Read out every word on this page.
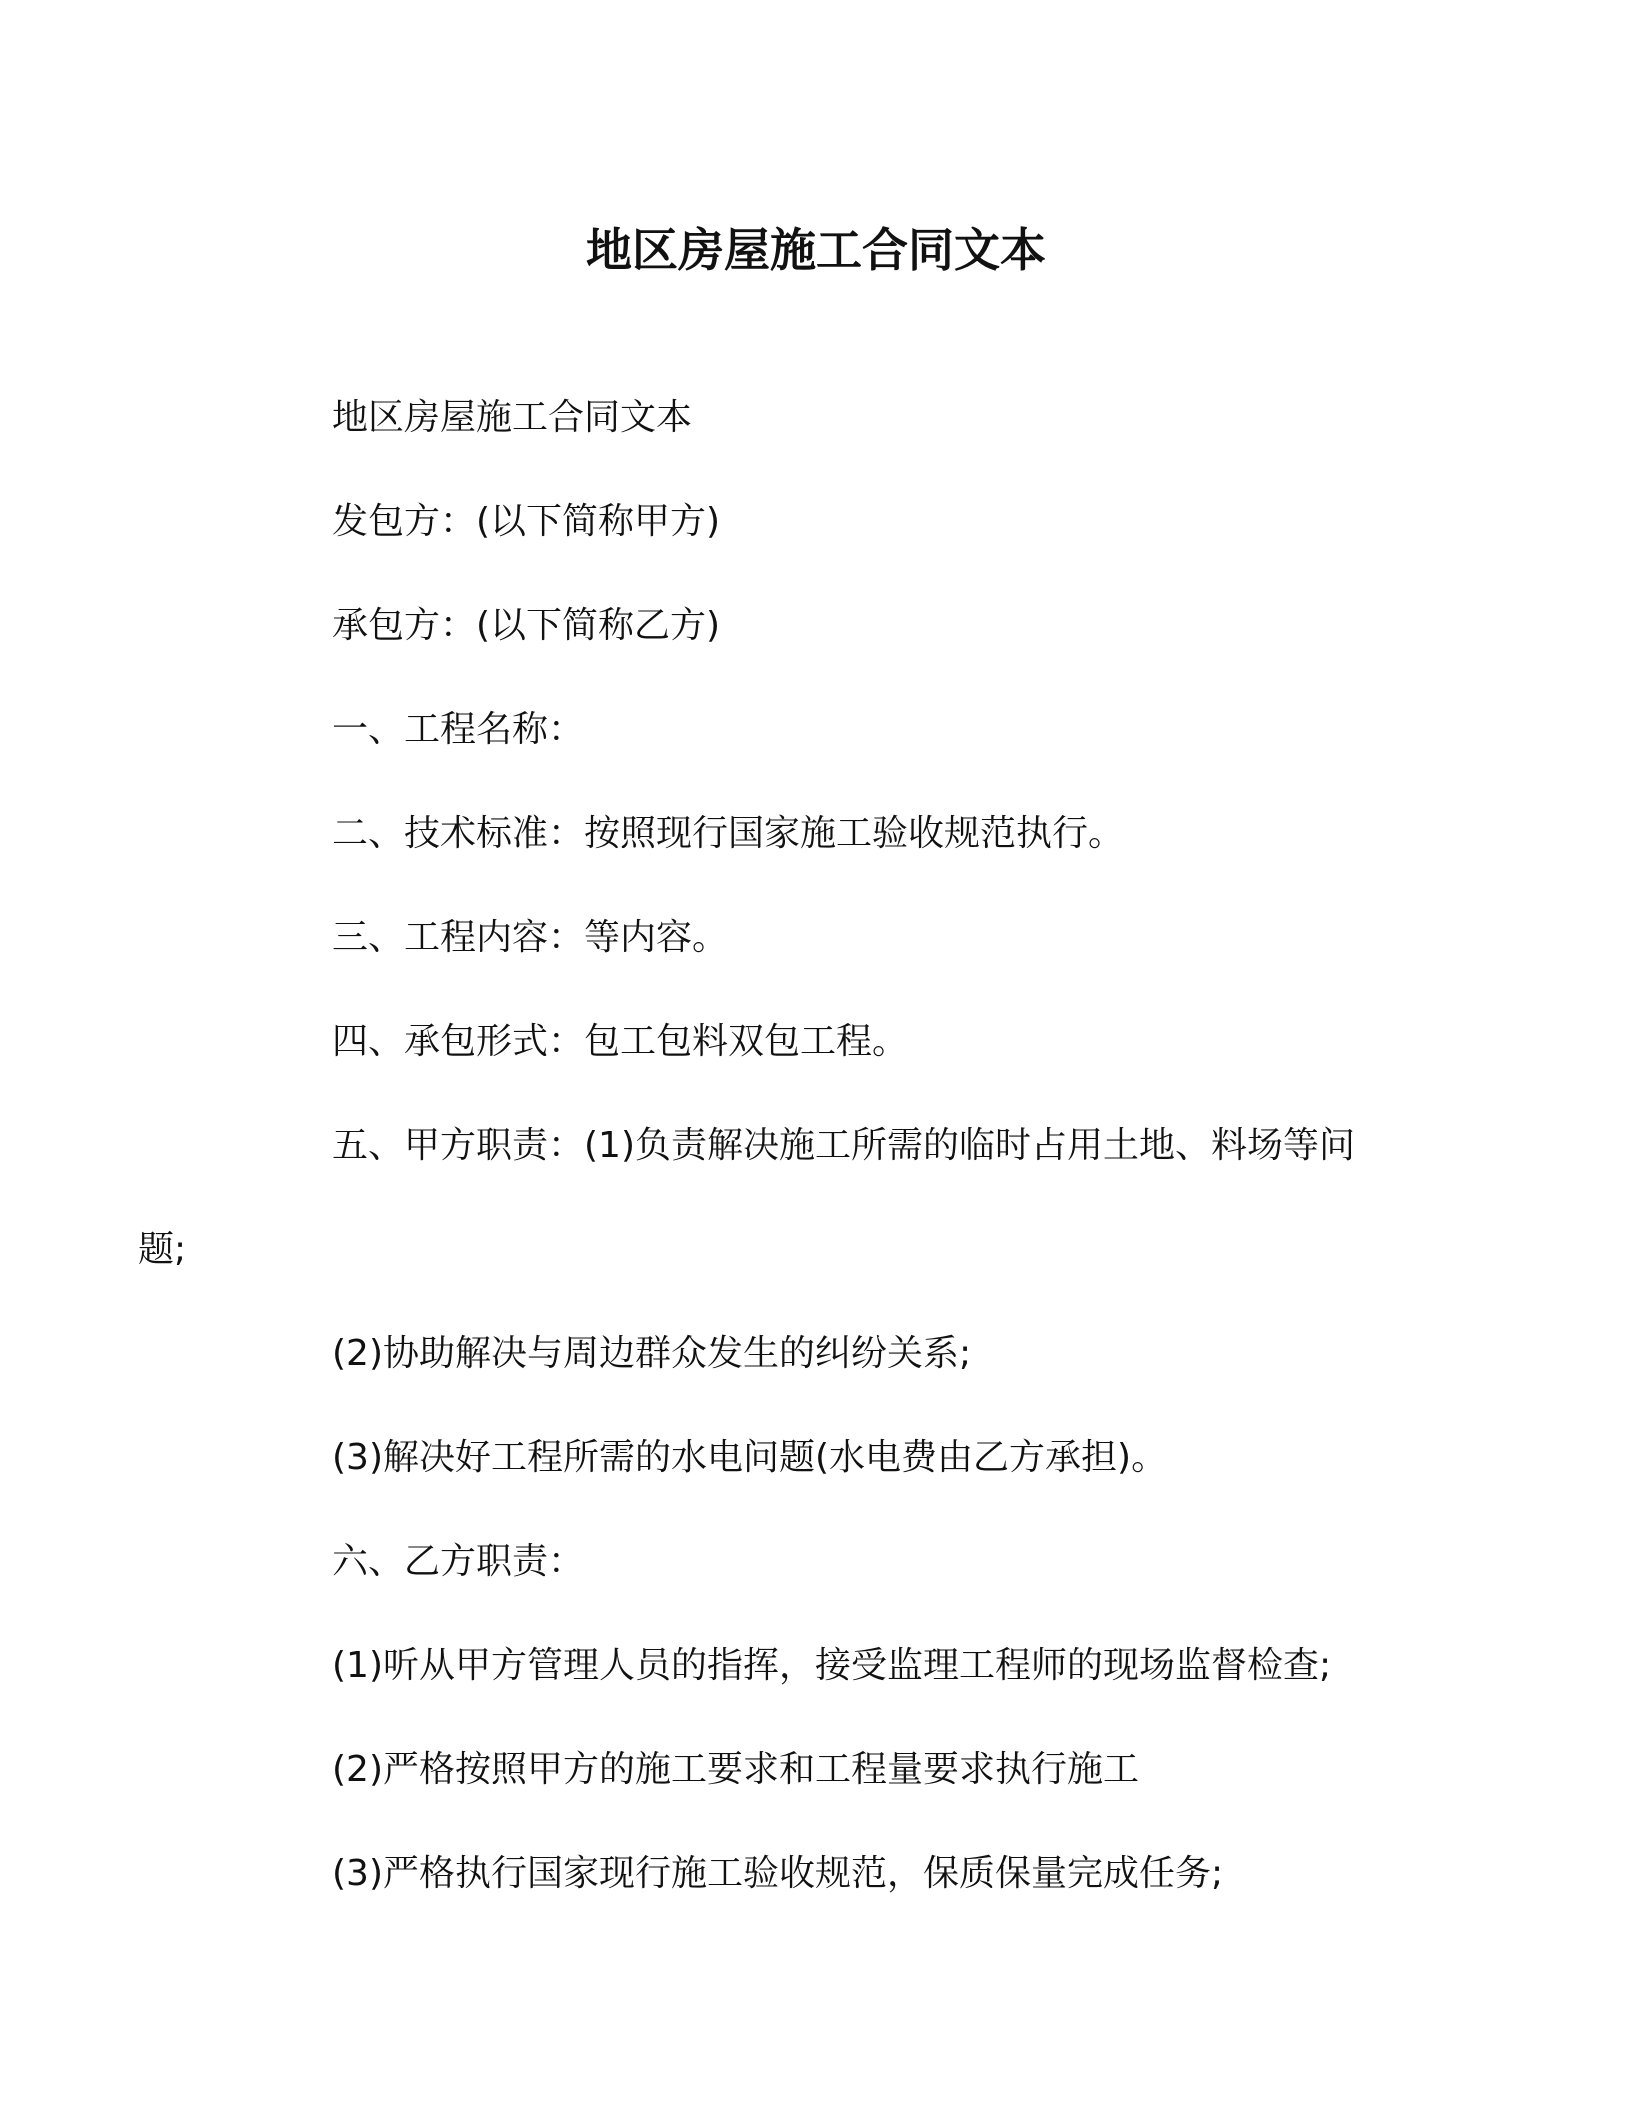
地区房屋施工合同文本

地区房屋施工合同文本

发包方：(以下简称甲方)

承包方：(以下简称乙方)

一、工程名称：

二、技术标准：按照现行国家施工验收规范执行。

三、工程内容：等内容。

四、承包形式：包工包料双包工程。

五、甲方职责：(1)负责解决施工所需的临时占用土地、料场等问
题;

(2)协助解决与周边群众发生的纠纷关系;

(3)解决好工程所需的水电问题(水电费由乙方承担)。

六、乙方职责：

(1)听从甲方管理人员的指挥，接受监理工程师的现场监督检查;

(2)严格按照甲方的施工要求和工程量要求执行施工

(3)严格执行国家现行施工验收规范，保质保量完成任务;
